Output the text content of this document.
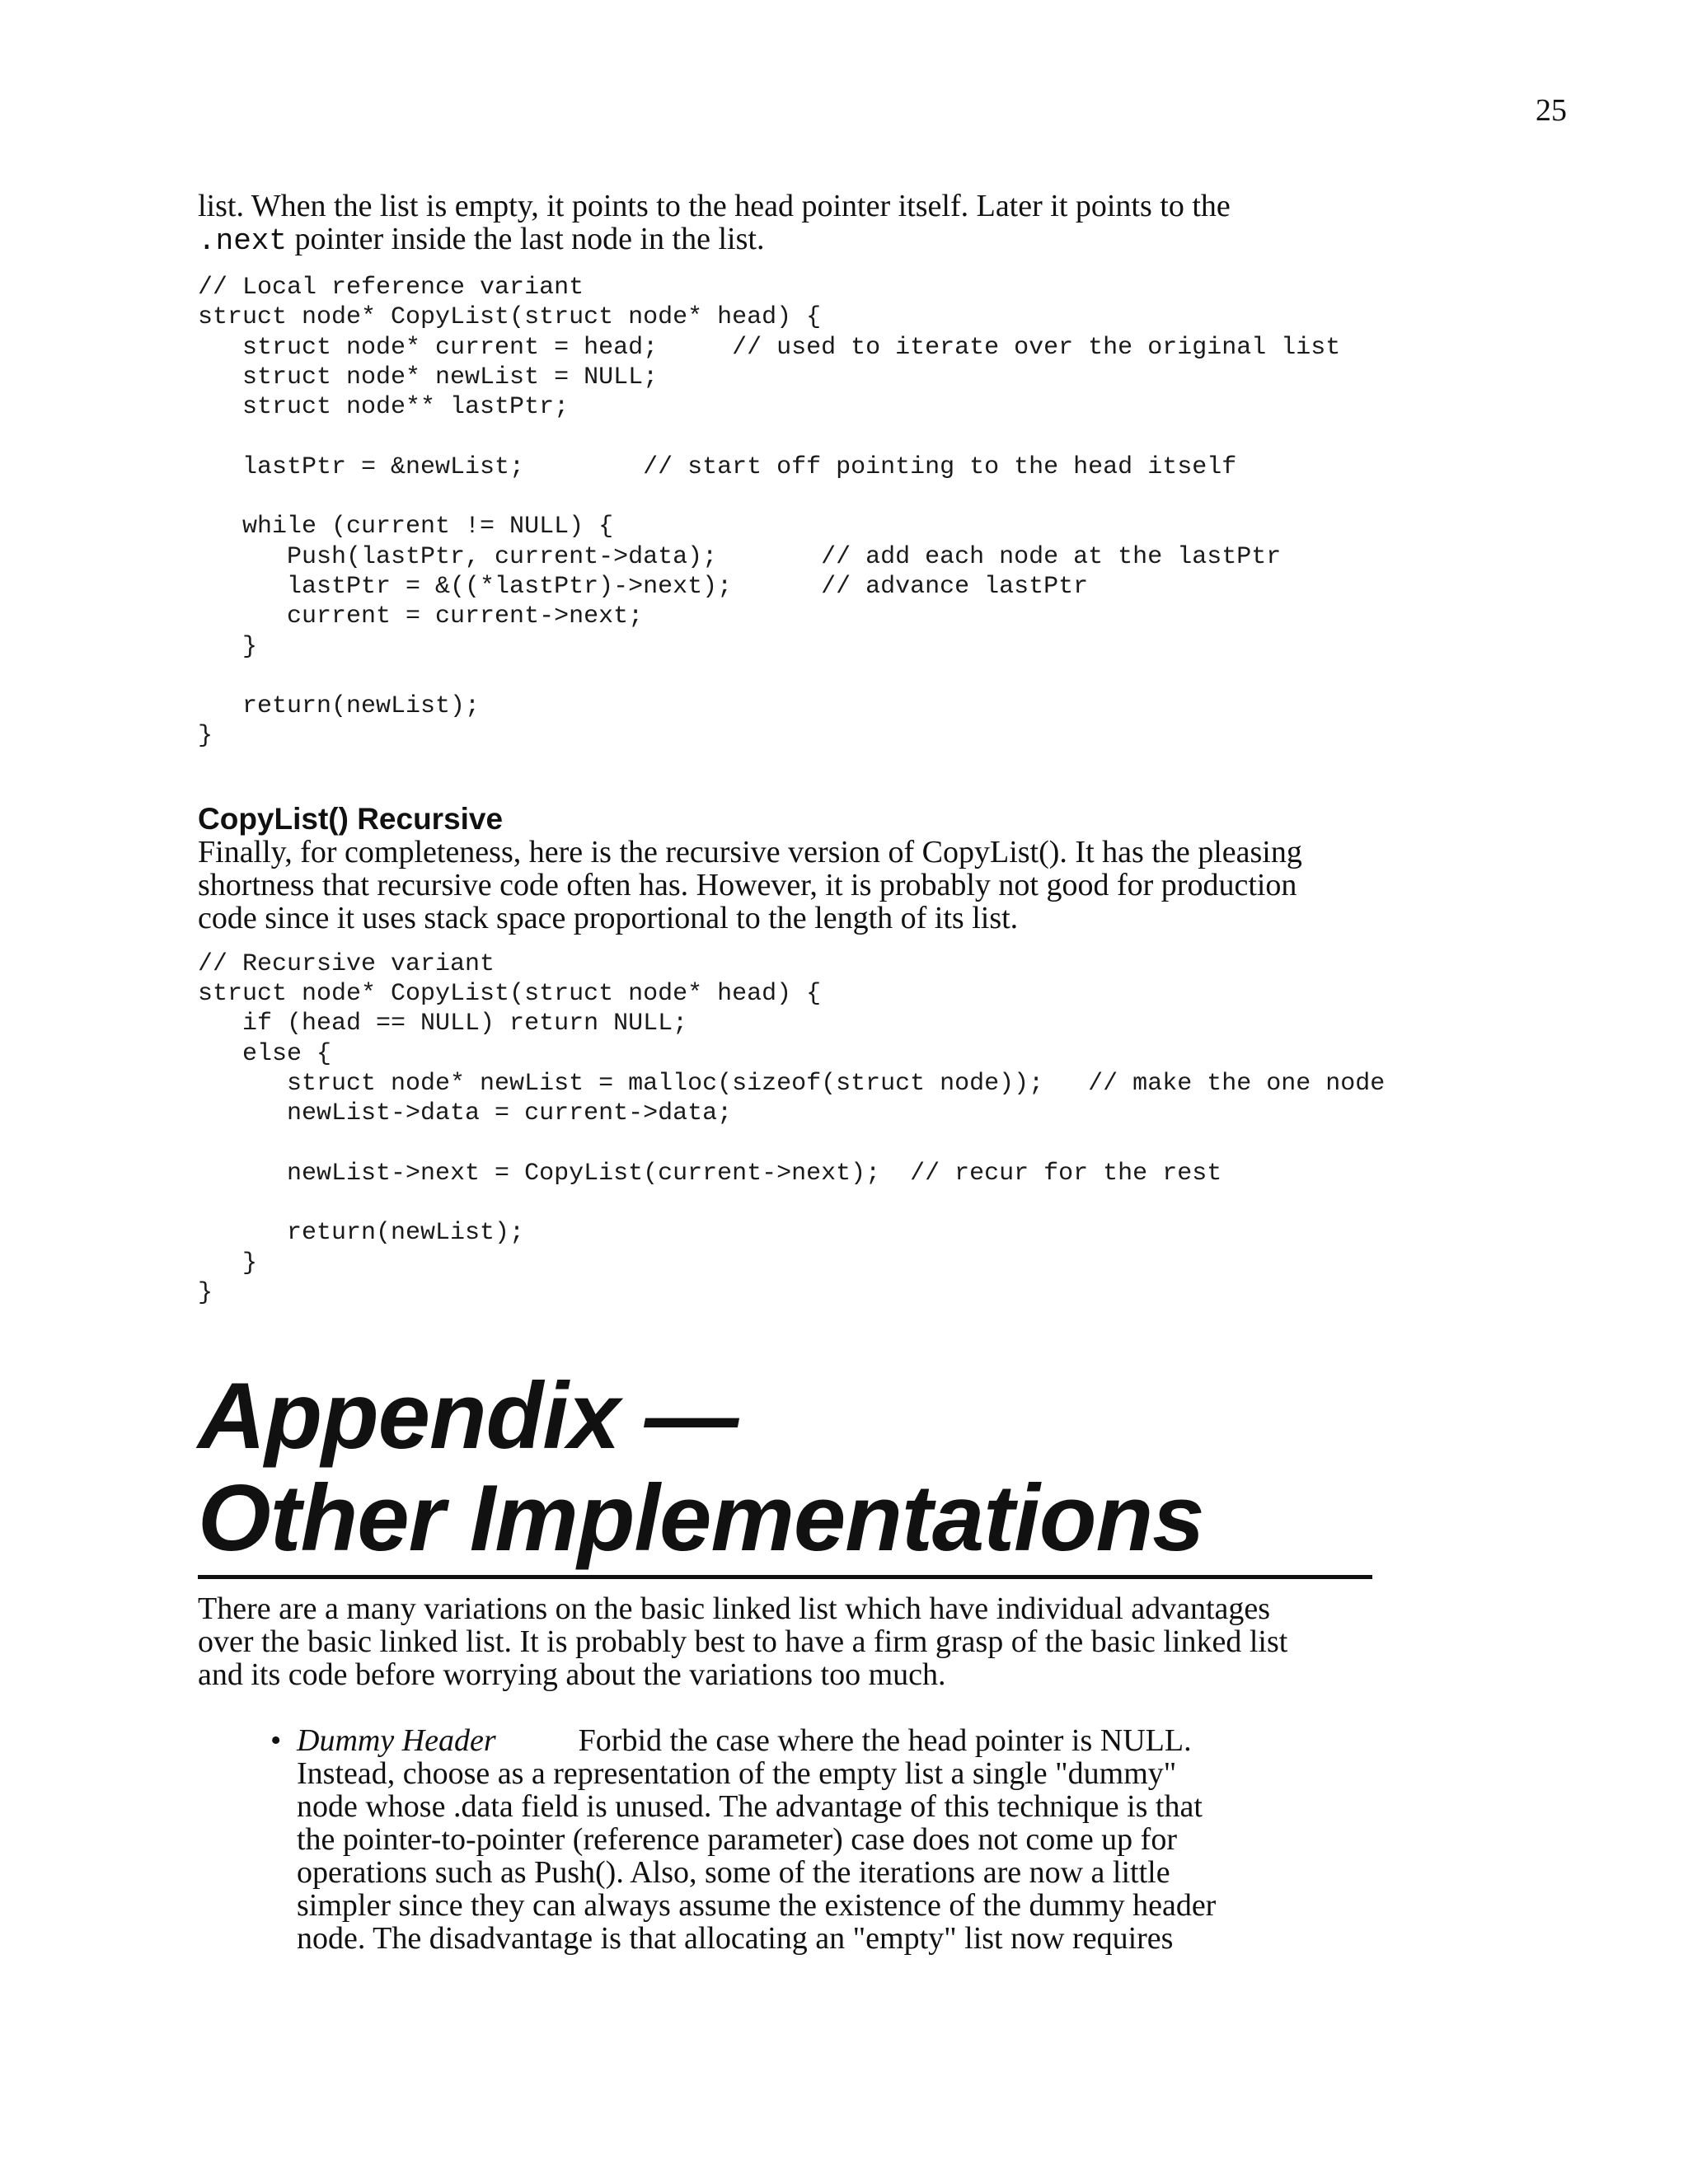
25

list. When the list is empty, it points to the head pointer itself. Later it points to the
.next pointer inside the last node in the list.

// Local reference variant
struct node* CopyList(struct node* head) {
struct node* current = head;     // used to iterate over the original list
struct node* newList = NULL;
struct node** lastPtr;
lastPtr = &newList;        // start off pointing to the head itself
while (current != NULL) {
Push(lastPtr, current->data);       // add each node at the lastPtr
lastPtr = &((*lastPtr)->next);      // advance lastPtr
current = current->next;
}
return(newList);
}
CopyList() Recursive

Finally, for completeness, here is the recursive version of CopyList(). It has the pleasing
shortness that recursive code often has. However, it is probably not good for production
code since it uses stack space proportional to the length of its list.

// Recursive variant
struct node* CopyList(struct node* head) {
if (head == NULL) return NULL;
else {
struct node* newList = malloc(sizeof(struct node));   // make the one node
newList->data = current->data;
newList->next = CopyList(current->next);  // recur for the rest
return(newList);
}
}
Appendix —
Other Implementations

There are a many variations on the basic linked list which have individual advantages
over the basic linked list. It is probably best to have a firm grasp of the basic linked list
and its code before worrying about the variations too much.

• Dummy Header	Forbid the case where the head pointer is NULL.
Instead, choose as a representation of the empty list a single "dummy"
node whose .data field is unused. The advantage of this technique is that
the pointer-to-pointer (reference parameter) case does not come up for
operations such as Push(). Also, some of the iterations are now a little
simpler since they can always assume the existence of the dummy header
node. The disadvantage is that allocating an "empty" list now requires
